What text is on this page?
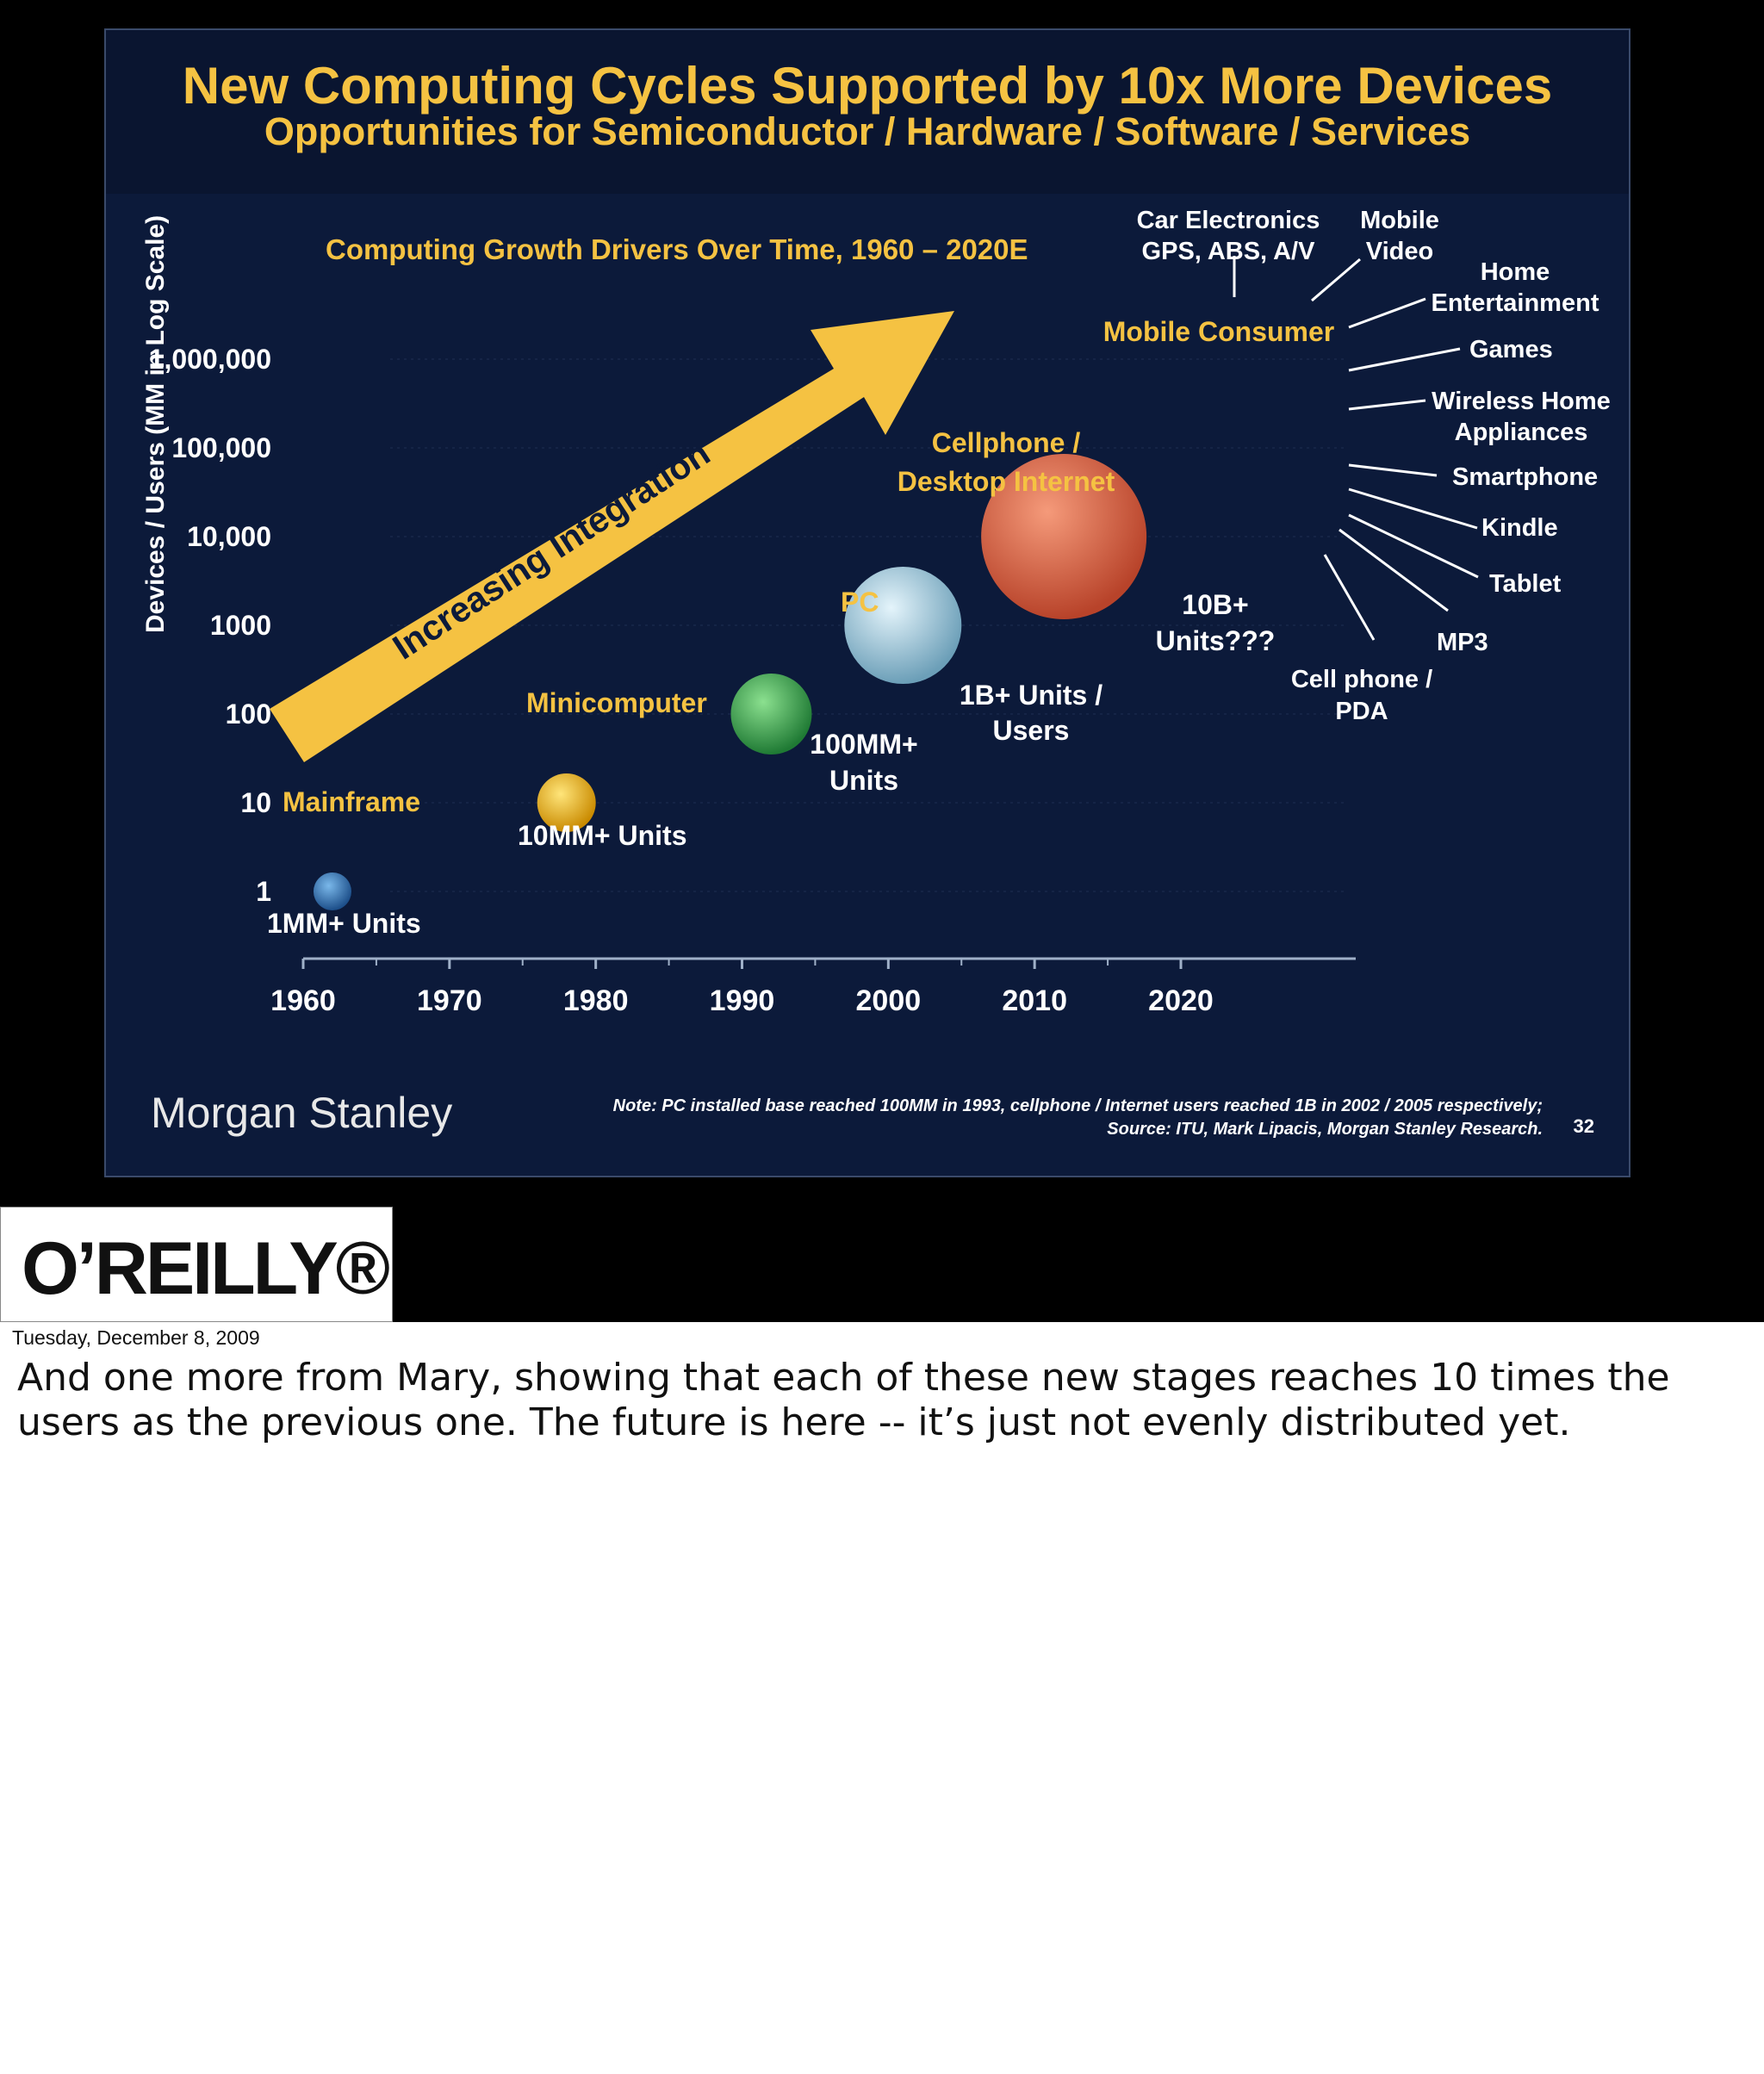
New Computing Cycles Supported by 10x More Devices
Opportunities for Semiconductor / Hardware / Software / Services
Computing Growth Drivers Over Time, 1960 – 2020E
Devices / Users (MM in Log Scale)
1
10
100
1000
10,000
100,000
1,000,000
1960	1970	1980	1990	2000	2010	2020
Increasing Integration
Mainframe
1MM+ Units
Minicomputer
10MM+ Units
PC
100MM+
Units
Cellphone /
Desktop Internet
1B+ Units /
Users
Mobile Consumer
10B+
Units???
Car Electronics
GPS, ABS, A/V
Mobile
Video
Home
Entertainment
Games
Wireless Home
Appliances
Smartphone
Kindle
Tablet
MP3
Cell phone /
PDA
Morgan Stanley	Note: PC installed base reached 100MM in 1993, cellphone / Internet users reached 1B in 2002 / 2005 respectively;
Source: ITU, Mark Lipacis, Morgan Stanley Research. 32
O’REILLY®
Tuesday, December 8, 2009
And one more from Mary, showing that each of these new stages reaches 10 times the users as the previous one. The future is here -- it’s just not evenly distributed yet.
